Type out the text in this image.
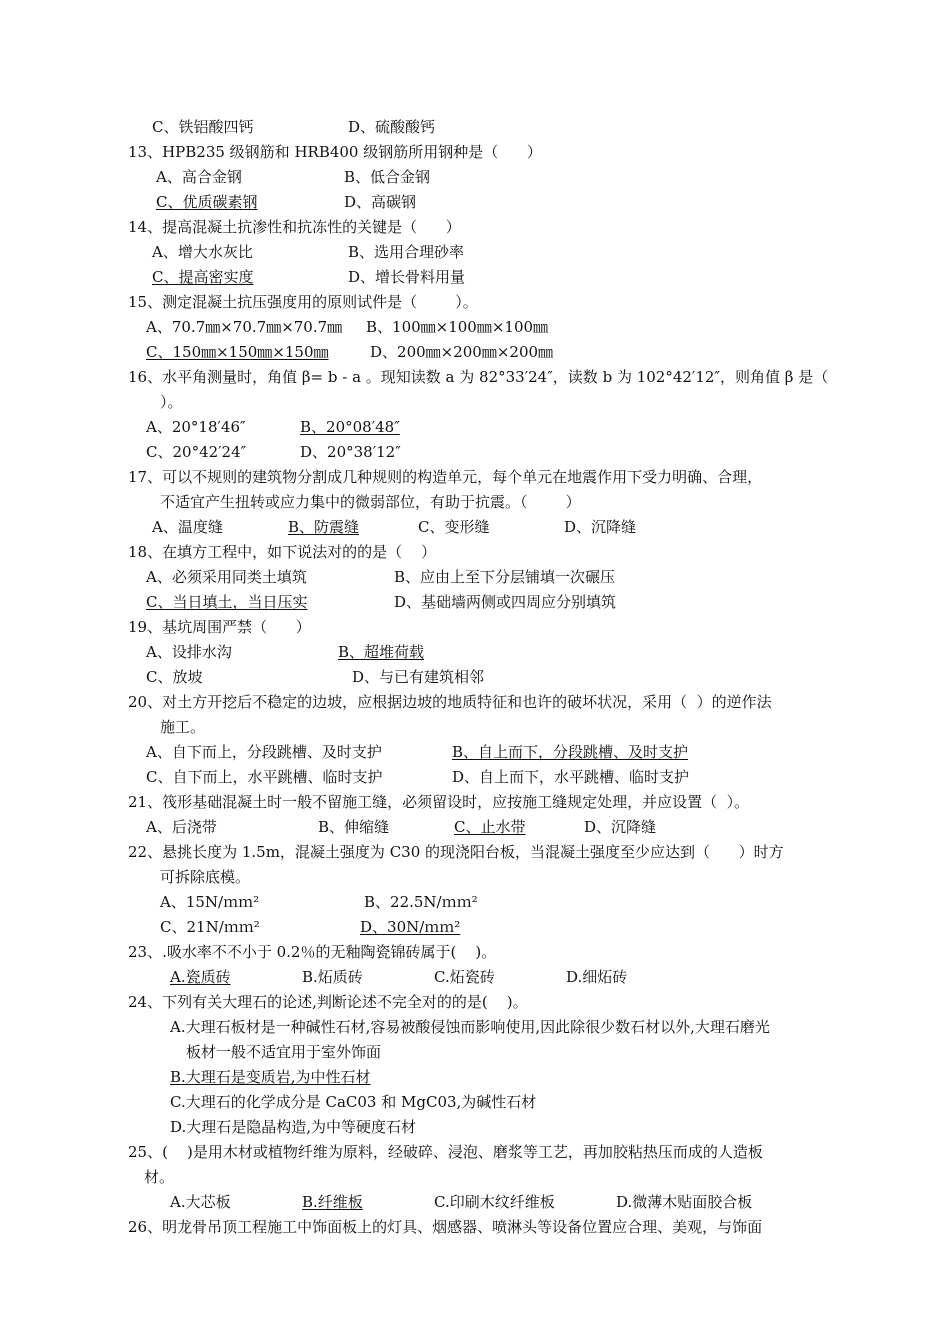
C、铁铝酸四钙	D、硫酸酸钙
13、HPB235 级钢筋和 HRB400 级钢筋所用钢种是（      ）
A、高合金钢	B、低合金钢
C、优质碳素钢	D、高碳钢
14、提高混凝土抗渗性和抗冻性的关键是（      ）
A、增大水灰比	B、选用合理砂率
C、提高密实度	D、增长骨料用量
15、测定混凝土抗压强度用的原则试件是（        ）。
A、70.7㎜×70.7㎜×70.7㎜ B、100㎜×100㎜×100㎜
C、150㎜×150㎜×150㎜	D、200㎜×200㎜×200㎜
16、水平角测量时，角值 β= b - a 。现知读数 a 为 82°33′24″，读数 b 为 102°42′12″，则角值 β 是（
）。
A、20°18′46″	B、20°08′48″
C、20°42′24″	D、20°38′12″
17、可以不规则的建筑物分割成几种规则的构造单元，每个单元在地震作用下受力明确、合理，
不适宜产生扭转或应力集中的微弱部位，有助于抗震。（        ）
A、温度缝	B、防震缝	C、变形缝	D、沉降缝
18、在填方工程中，如下说法对的的是（    ）
A、必须采用同类土填筑	B、应由上至下分层铺填一次碾压
C、当日填土，当日压实	D、基础墙两侧或四周应分别填筑
19、基坑周围严禁（      ）
A、设排水沟	B、超堆荷载
C、放坡	D、与已有建筑相邻
20、对土方开挖后不稳定的边坡，应根据边坡的地质特征和也许的破坏状况，采用（  ）的逆作法
施工。
A、自下而上，分段跳槽、及时支护	B、自上而下，分段跳槽、及时支护
C、自下而上，水平跳槽、临时支护	D、自上而下，水平跳槽、临时支护
21、筏形基础混凝土时一般不留施工缝，必须留设时，应按施工缝规定处理，并应设置（  ）。
A、后浇带	B、伸缩缝	C、止水带	D、沉降缝
22、悬挑长度为 1.5m，混凝土强度为 C30 的现浇阳台板，当混凝土强度至少应达到（      ）时方
可拆除底模。
A、15N/ｍｍ²	B、22.5N/ｍｍ²
C、21N/ｍｍ²	D、30N/ｍｍ²
23、.吸水率不不小于 0.2％的无釉陶瓷锦砖属于(    )。
A.瓷质砖	B.炻质砖	C.炻瓷砖	D.细炻砖
24、下列有关大理石的论述,判断论述不完全对的的是(    )。
A.大理石板材是一种碱性石材,容易被酸侵蚀而影响使用,因此除很少数石材以外,大理石磨光
板材一般不适宜用于室外饰面
B.大理石是变质岩,为中性石材
C.大理石的化学成分是 CaC03 和 MgC03,为碱性石材
D.大理石是隐晶构造,为中等硬度石材
25、(    )是用木材或植物纤维为原料，经破碎、浸泡、磨浆等工艺，再加胶粘热压而成的人造板
材。
A.大芯板	B.纤维板	C.印刷木纹纤维板	D.微薄木贴面胶合板
26、明龙骨吊顶工程施工中饰面板上的灯具、烟感器、喷淋头等设备位置应合理、美观，与饰面
